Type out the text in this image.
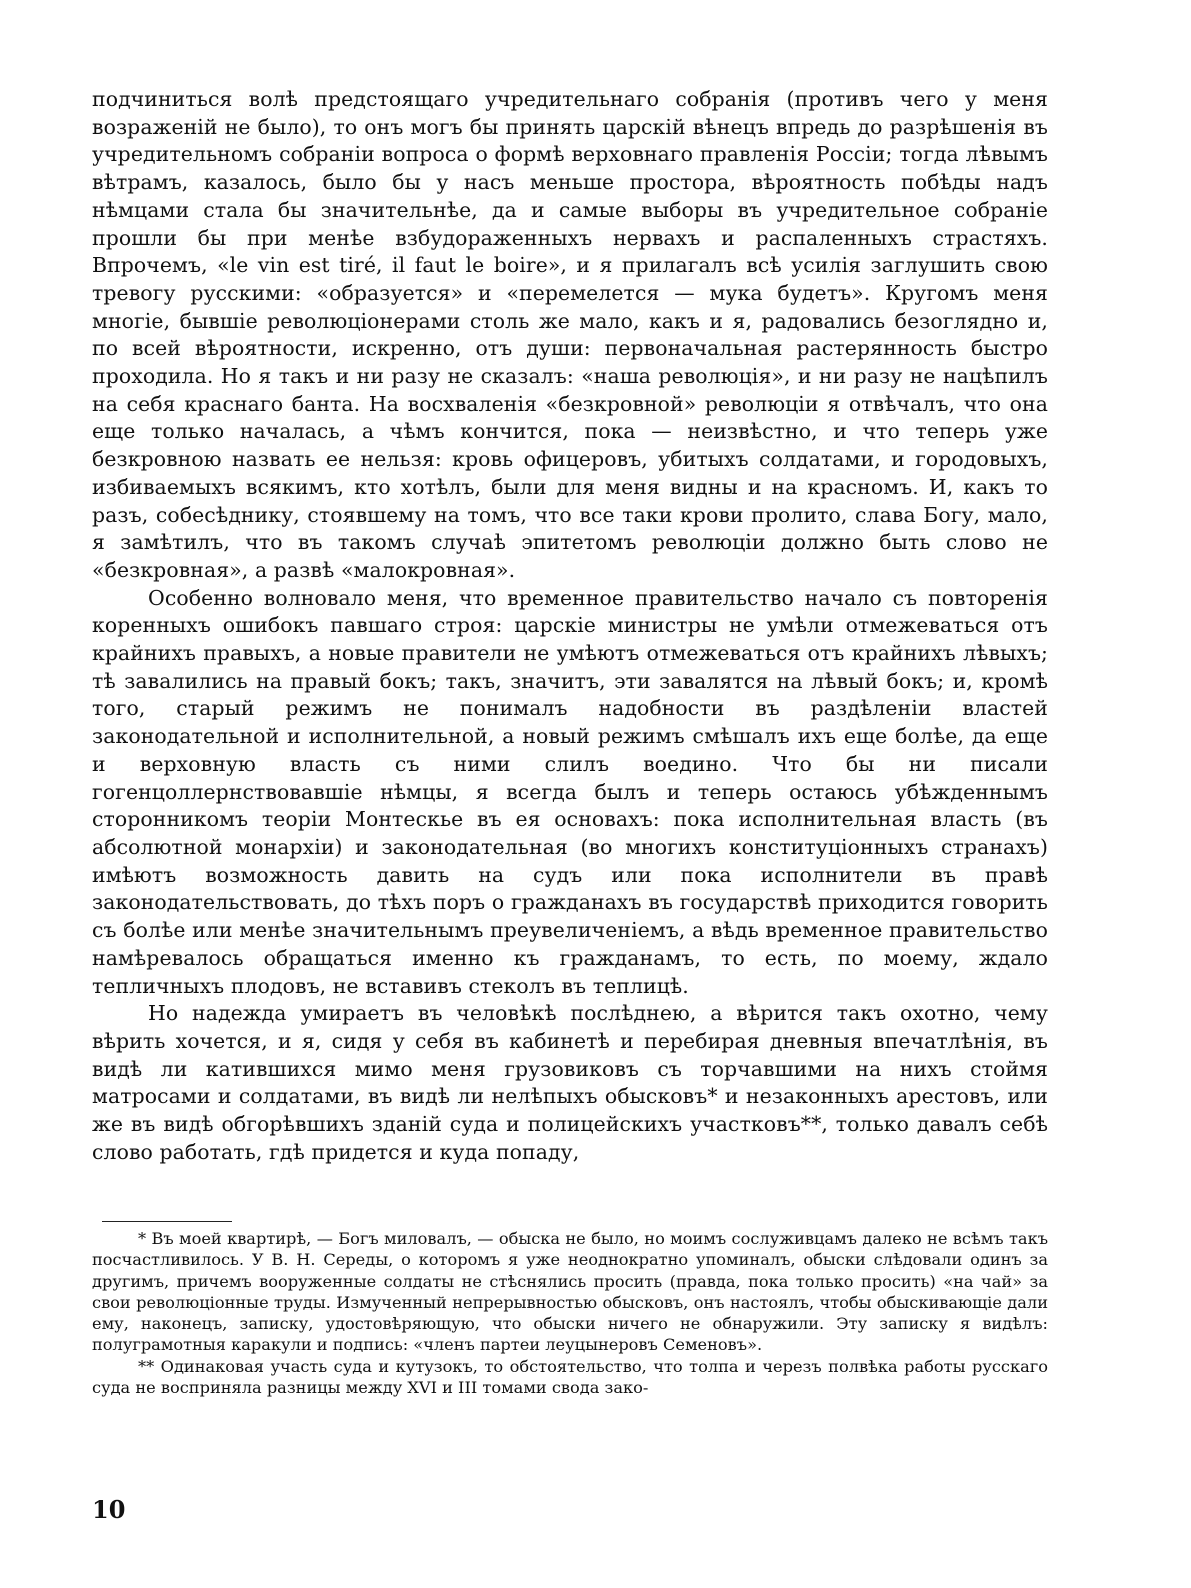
подчиниться волѣ предстоящаго учредительнаго собранія (противъ чего у меня возраженій не было), то онъ могъ бы принять царскій вѣнецъ впредь до разрѣшенія въ учредительномъ собраніи вопроса о формѣ верховнаго правленія Россіи; тогда лѣвымъ вѣтрамъ, казалось, было бы у насъ меньше простора, вѣроятность побѣды надъ нѣмцами стала бы значительнѣе, да и самые выборы въ учредительное собраніе прошли бы при менѣе взбудораженныхъ нервахъ и распаленныхъ страстяхъ. Впрочемъ, «le vin est tiré, il faut le boire», и я прилагалъ всѣ усилія заглушить свою тревогу русскими: «образуется» и «перемелется — мука будетъ». Кругомъ меня многіе, бывшіе революціонерами столь же мало, какъ и я, радовались безоглядно и, по всей вѣроятности, искренно, отъ души: первоначальная растерянность быстро проходила. Но я такъ и ни разу не сказалъ: «наша революція», и ни разу не нацѣпилъ на себя краснаго банта. На восхваленія «безкровной» революціи я отвѣчалъ, что она еще только началась, а чѣмъ кончится, пока — неизвѣстно, и что теперь уже безкровною назвать ее нельзя: кровь офицеровъ, убитыхъ солдатами, и городовыхъ, избиваемыхъ всякимъ, кто хотѣлъ, были для меня видны и на красномъ. И, какъ то разъ, собесѣднику, стоявшему на томъ, что все таки крови пролито, слава Богу, мало, я замѣтилъ, что въ такомъ случаѣ эпитетомъ революціи должно быть слово не «безкровная», а развѣ «малокровная».

Особенно волновало меня, что временное правительство начало съ повторенія коренныхъ ошибокъ павшаго строя: царскіе министры не умѣли отмежеваться отъ крайнихъ правыхъ, а новые правители не умѣютъ отмежеваться отъ крайнихъ лѣвыхъ; тѣ завалились на правый бокъ; такъ, значитъ, эти завалятся на лѣвый бокъ; и, кромѣ того, старый режимъ не понималъ надобности въ раздѣленіи властей законодательной и исполнительной, а новый режимъ смѣшалъ ихъ еще болѣе, да еще и верховную власть съ ними слилъ воедино. Что бы ни писали гогенцоллернствовавшіе нѣмцы, я всегда былъ и теперь остаюсь убѣжденнымъ сторонникомъ теоріи Монтескье въ ея основахъ: пока исполнительная власть (въ абсолютной монархіи) и законодательная (во многихъ конституціонныхъ странахъ) имѣютъ возможность давить на судъ или пока исполнители въ правѣ законодательствовать, до тѣхъ поръ о гражданахъ въ государствѣ приходится говорить съ болѣе или менѣе значительнымъ преувеличеніемъ, а вѣдь временное правительство намѣревалось обращаться именно къ гражданамъ, то есть, по моему, ждало тепличныхъ плодовъ, не вставивъ стеколъ въ теплицѣ.

Но надежда умираетъ въ человѣкѣ послѣднею, а вѣрится такъ охотно, чему вѣрить хочется, и я, сидя у себя въ кабинетѣ и перебирая дневныя впечатлѣнія, въ видѣ ли катившихся мимо меня грузовиковъ съ торчавшими на нихъ стоймя матросами и солдатами, въ видѣ ли нелѣпыхъ обысковъ* и незаконныхъ арестовъ, или же въ видѣ обгорѣвшихъ зданій суда и полицейскихъ участковъ**, только давалъ себѣ слово работать, гдѣ придется и куда попаду,

* Въ моей квартирѣ, — Богъ миловалъ, — обыска не было, но моимъ сослуживцамъ далеко не всѣмъ такъ посчастливилось. У В. Н. Середы, о которомъ я уже неоднократно упоминалъ, обыски слѣдовали одинъ за другимъ, причемъ вооруженные солдаты не стѣснялись просить (правда, пока только просить) «на чай» за свои революціонные труды. Измученный непрерывностью обысковъ, онъ настоялъ, чтобы обыскивающіе дали ему, наконецъ, записку, удостовѣряющую, что обыски ничего не обнаружили. Эту записку я видѣлъ: полуграмотныя каракули и подпись: «членъ партеи леуцынеровъ Семеновъ».

** Одинаковая участь суда и кутузокъ, то обстоятельство, что толпа и черезъ полвѣка работы русскаго суда не восприняла разницы между XVI и III томами свода зако-

10
